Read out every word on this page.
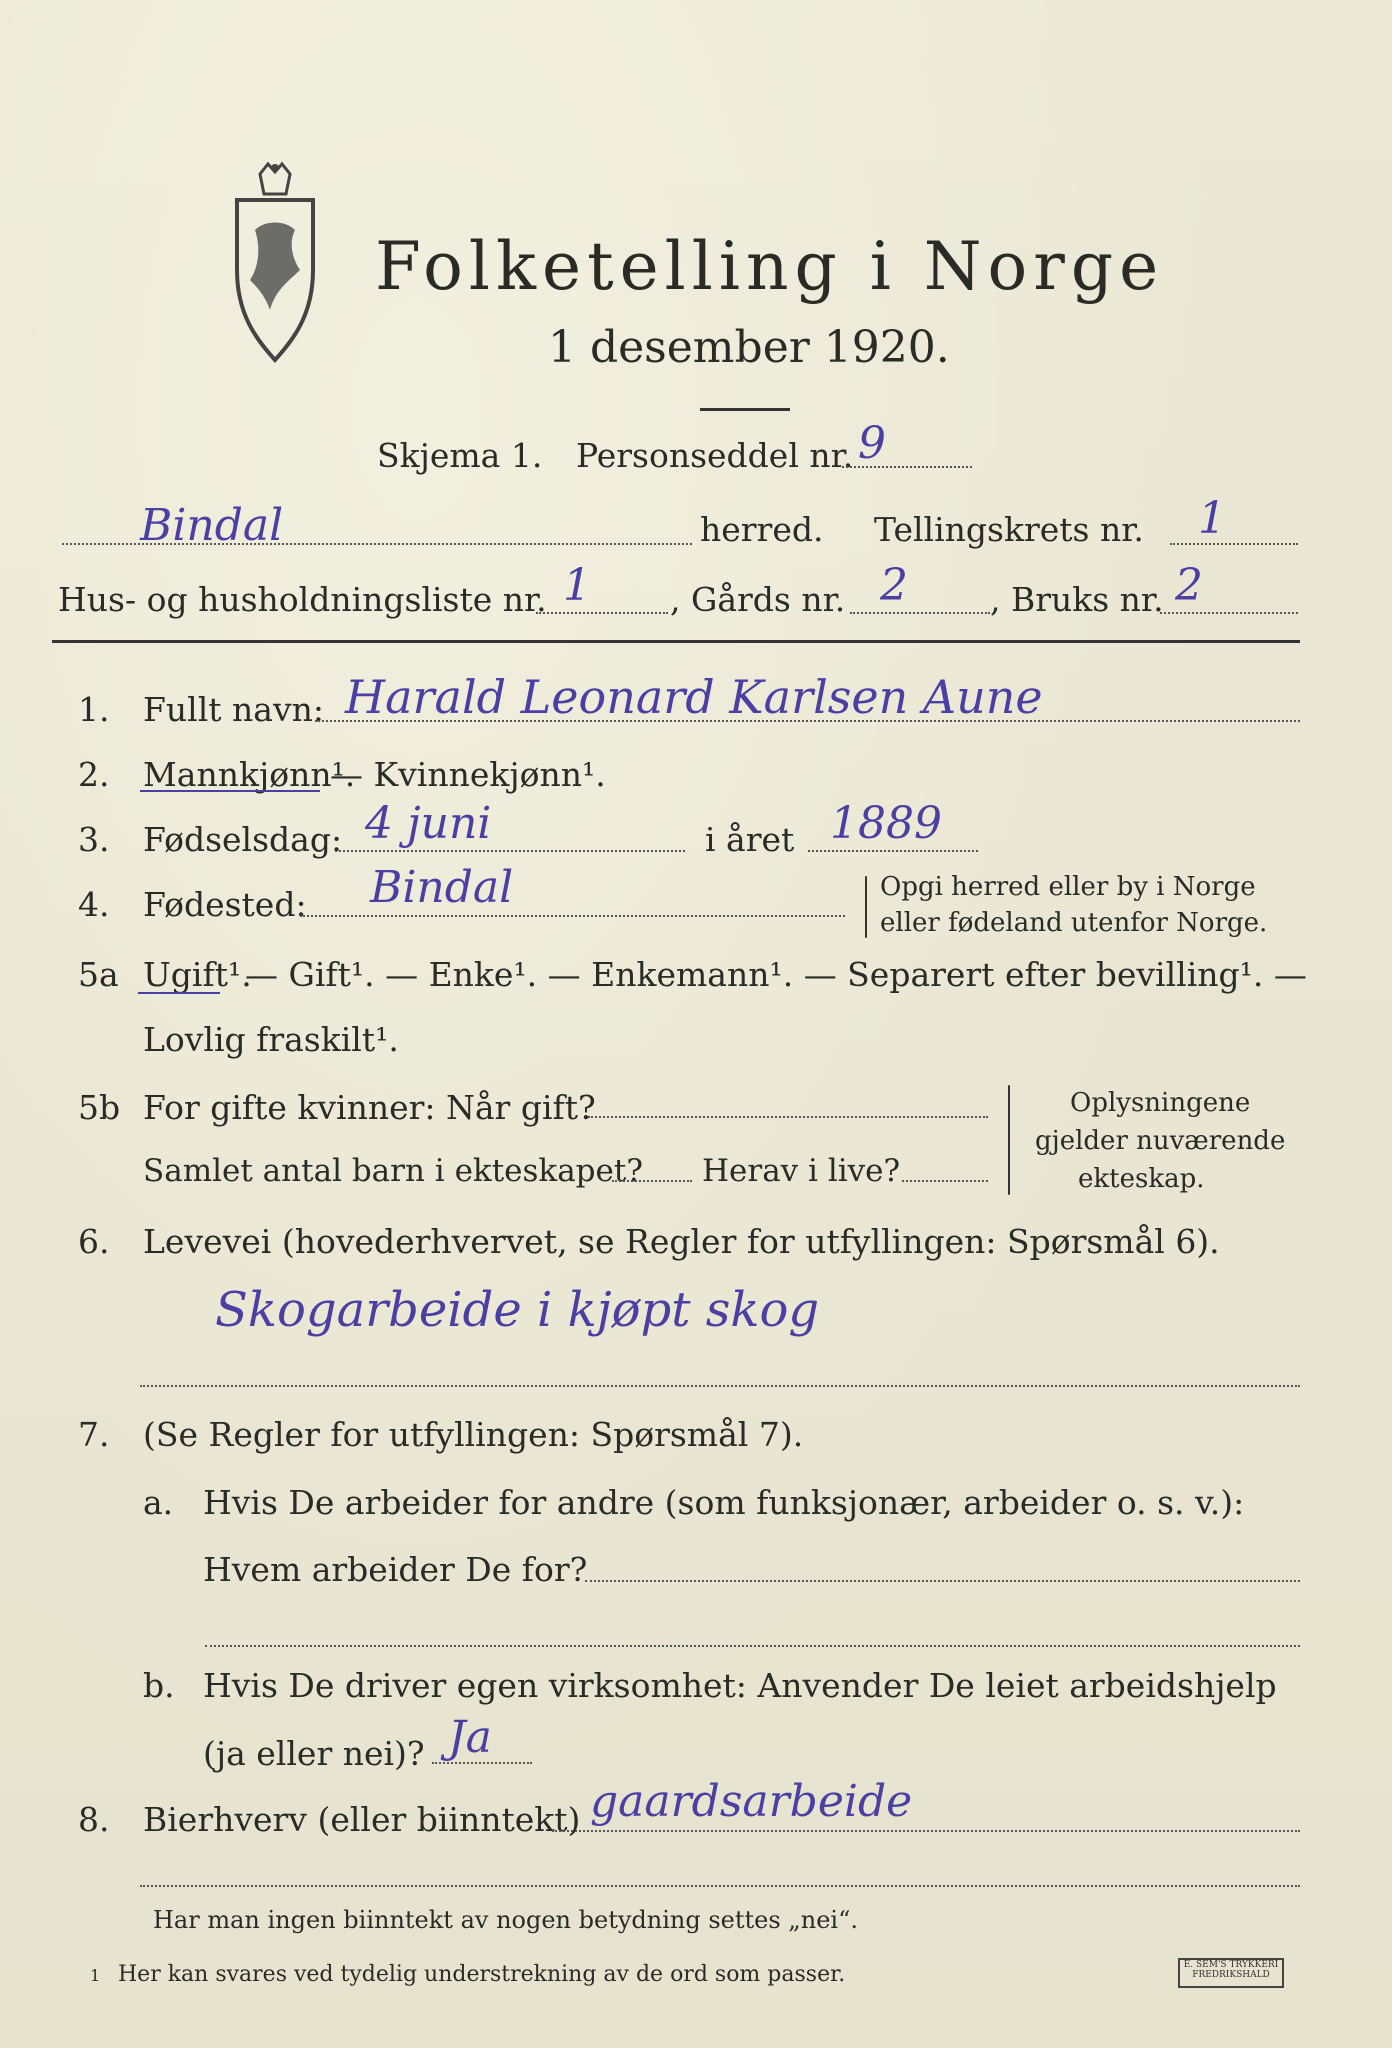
Folketelling i Norge
1 desember 1920.
Skjema 1. Personseddel nr. 9
Bindal	herred. Tellingskrets nr. 1
Hus- og husholdningsliste nr. 1 , Gårds nr. 2 , Bruks nr. 2
1. Fullt navn: Harald Leonard Karlsen Aune
2. Mannkjønn¹.
— Kvinnekjønn¹.
3. Fødselsdag: 4 juni	i året 1889
4. Fødested: Bindal	Opgi herred eller by i Norge
eller fødeland utenfor Norge.
5a Ugift¹.
— Gift¹. — Enke¹. — Enkemann¹. — Separert efter bevilling¹. —
Lovlig fraskilt¹.
5b For gifte kvinner: Når gift?
Samlet antal barn i ekteskapet? Herav i live?
Oplysningene
gjelder nuværende
ekteskap.
6. Levevei (hovederhvervet, se Regler for utfyllingen: Spørsmål 6).
Skogarbeide i kjøpt skog
7. (Se Regler for utfyllingen: Spørsmål 7).
a. Hvis De arbeider for andre (som funksjonær, arbeider o. s. v.):
Hvem arbeider De for?
b. Hvis De driver egen virksomhet: Anvender De leiet arbeidshjelp
(ja eller nei)? Ja
8. Bierhverv (eller biinntekt) gaardsarbeide
Har man ingen biinntekt av nogen betydning settes „nei“.
1 Her kan svares ved tydelig understrekning av de ord som passer.	E. SEM'S TRYKKERI FREDRIKSHALD
